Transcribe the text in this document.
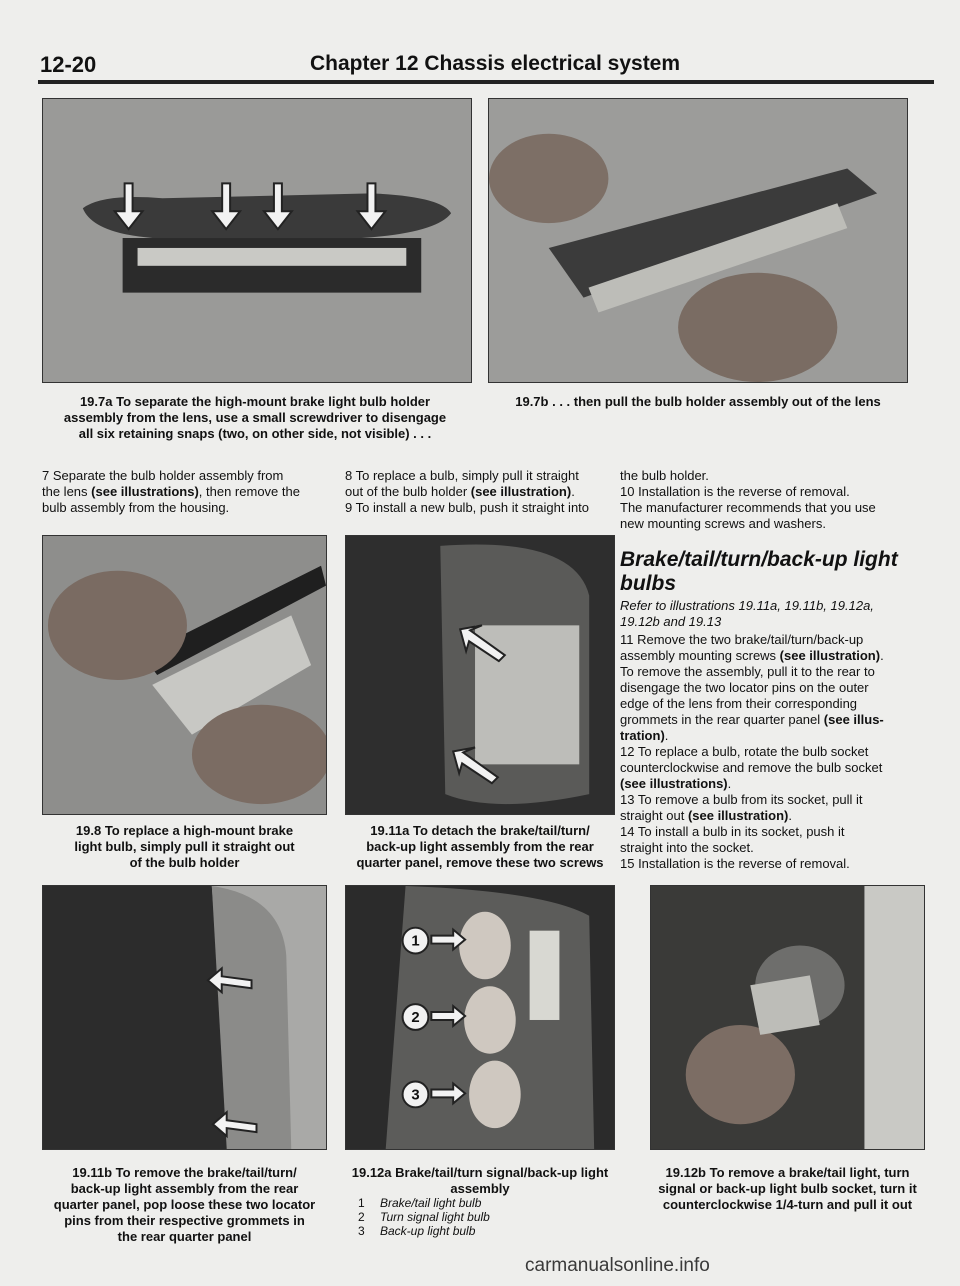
12-20	Chapter 12 Chassis electrical system
19.7a To separate the high-mount brake light bulb holder
assembly from the lens, use a small screwdriver to disengage
all six retaining snaps (two, on other side, not visible) . . .
19.7b . . . then pull the bulb holder assembly out of the lens

7 Separate the bulb holder assembly from

the lens (see illustrations), then remove the

bulb assembly from the housing.

8 To replace a bulb, simply pull it straight

out of the bulb holder (see illustration).

9 To install a new bulb, push it straight into

the bulb holder.

10 Installation is the reverse of removal.

The manufacturer recommends that you use

new mounting screws and washers.

19.8 To replace a high-mount brake
light bulb, simply pull it straight out
of the bulb holder
19.11a To detach the brake/tail/turn/
back-up light assembly from the rear
quarter panel, remove these two screws
Brake/tail/turn/back-up light
bulbs
Refer to illustrations 19.11a, 19.11b, 19.12a,
19.12b and 19.13

11 Remove the two brake/tail/turn/back-up

assembly mounting screws (see illustration).

To remove the assembly, pull it to the rear to

disengage the two locator pins on the outer

edge of the lens from their corresponding

grommets in the rear quarter panel (see illus-

tration).

12 To replace a bulb, rotate the bulb socket

counterclockwise and remove the bulb socket

(see illustrations).

13 To remove a bulb from its socket, pull it

straight out (see illustration).

14 To install a bulb in its socket, push it

straight into the socket.

15 Installation is the reverse of removal.

1
2
3
19.11b To remove the brake/tail/turn/
back-up light assembly from the rear
quarter panel, pop loose these two locator
pins from their respective grommets in
the rear quarter panel
19.12a Brake/tail/turn signal/back-up light
assembly
1 Brake/tail light bulb
2 Turn signal light bulb
3 Back-up light bulb
19.12b To remove a brake/tail light, turn
signal or back-up light bulb socket, turn it
counterclockwise 1/4-turn and pull it out
carmanualsonline.info
